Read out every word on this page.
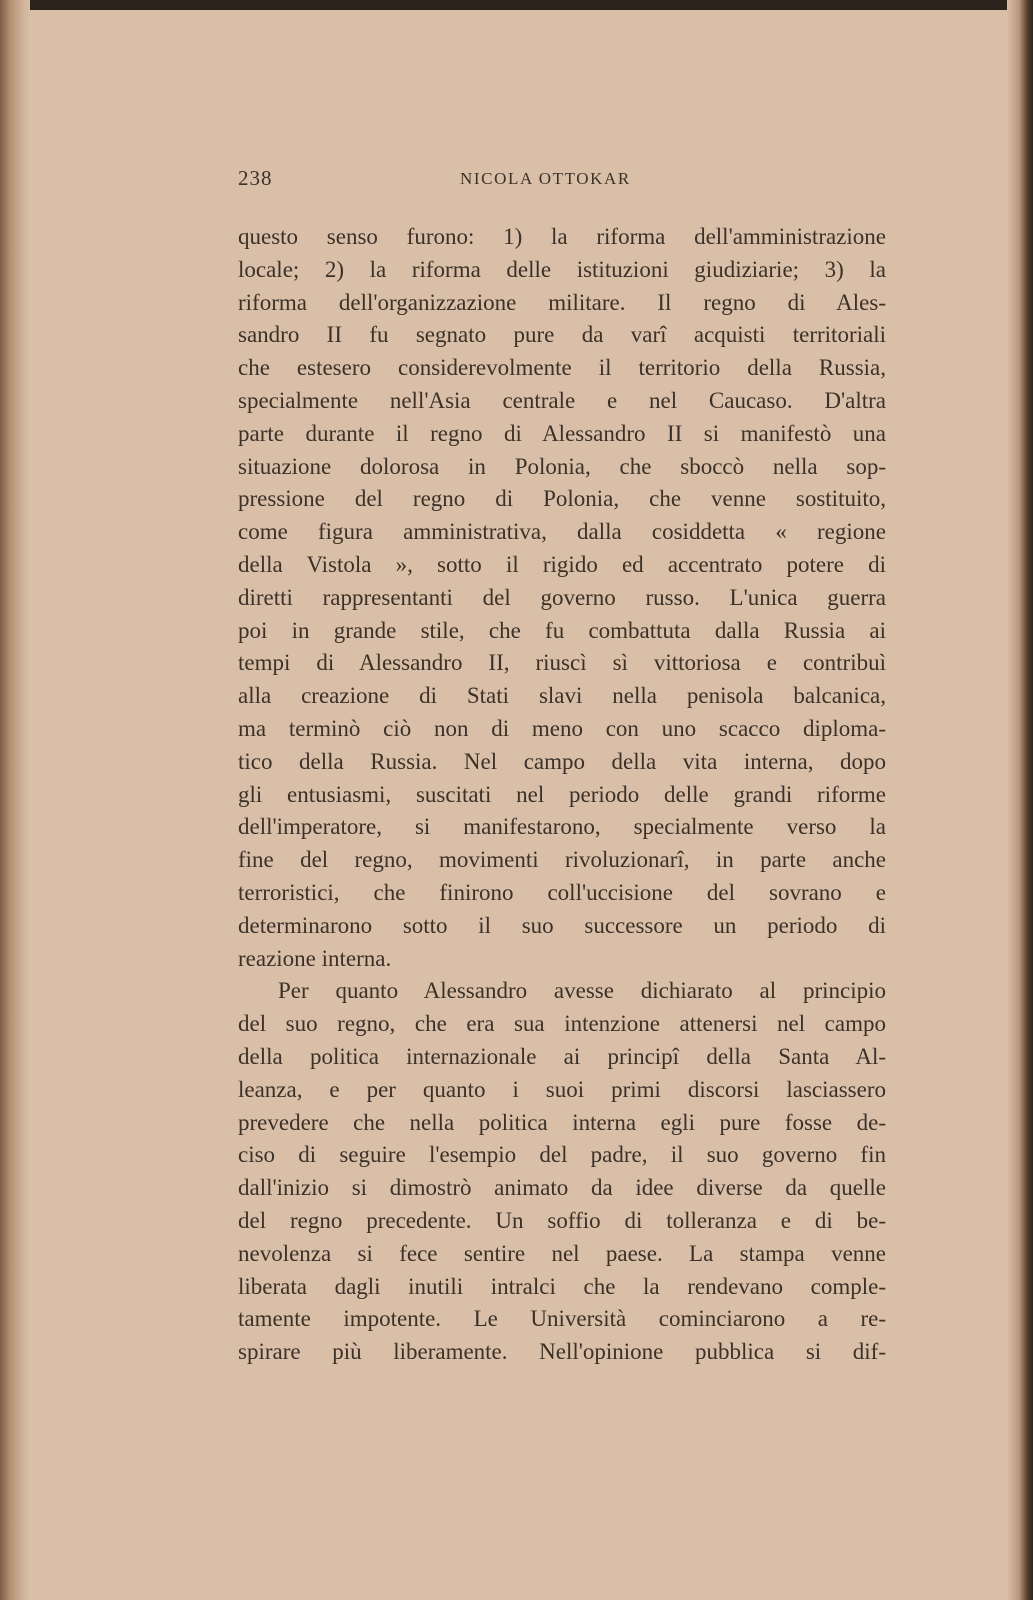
238	NICOLA OTTOKAR
questo senso furono: 1) la riforma dell'amministrazione
locale; 2) la riforma delle istituzioni giudiziarie; 3) la
riforma dell'organizzazione militare. Il regno di Ales-
sandro II fu segnato pure da varî acquisti territoriali
che estesero considerevolmente il territorio della Russia,
specialmente nell'Asia centrale e nel Caucaso. D'altra
parte durante il regno di Alessandro II si manifestò una
situazione dolorosa in Polonia, che sboccò nella sop-
pressione del regno di Polonia, che venne sostituito,
come figura amministrativa, dalla cosiddetta « regione
della Vistola », sotto il rigido ed accentrato potere di
diretti rappresentanti del governo russo. L'unica guerra
poi in grande stile, che fu combattuta dalla Russia ai
tempi di Alessandro II, riuscì sì vittoriosa e contribuì
alla creazione di Stati slavi nella penisola balcanica,
ma terminò ciò non di meno con uno scacco diploma-
tico della Russia. Nel campo della vita interna, dopo
gli entusiasmi, suscitati nel periodo delle grandi riforme
dell'imperatore, si manifestarono, specialmente verso la
fine del regno, movimenti rivoluzionarî, in parte anche
terroristici, che finirono coll'uccisione del sovrano e
determinarono sotto il suo successore un periodo di
reazione interna.
Per quanto Alessandro avesse dichiarato al principio
del suo regno, che era sua intenzione attenersi nel campo
della politica internazionale ai principî della Santa Al-
leanza, e per quanto i suoi primi discorsi lasciassero
prevedere che nella politica interna egli pure fosse de-
ciso di seguire l'esempio del padre, il suo governo fin
dall'inizio si dimostrò animato da idee diverse da quelle
del regno precedente. Un soffio di tolleranza e di be-
nevolenza si fece sentire nel paese. La stampa venne
liberata dagli inutili intralci che la rendevano comple-
tamente impotente. Le Università cominciarono a re-
spirare più liberamente. Nell'opinione pubblica si dif-
